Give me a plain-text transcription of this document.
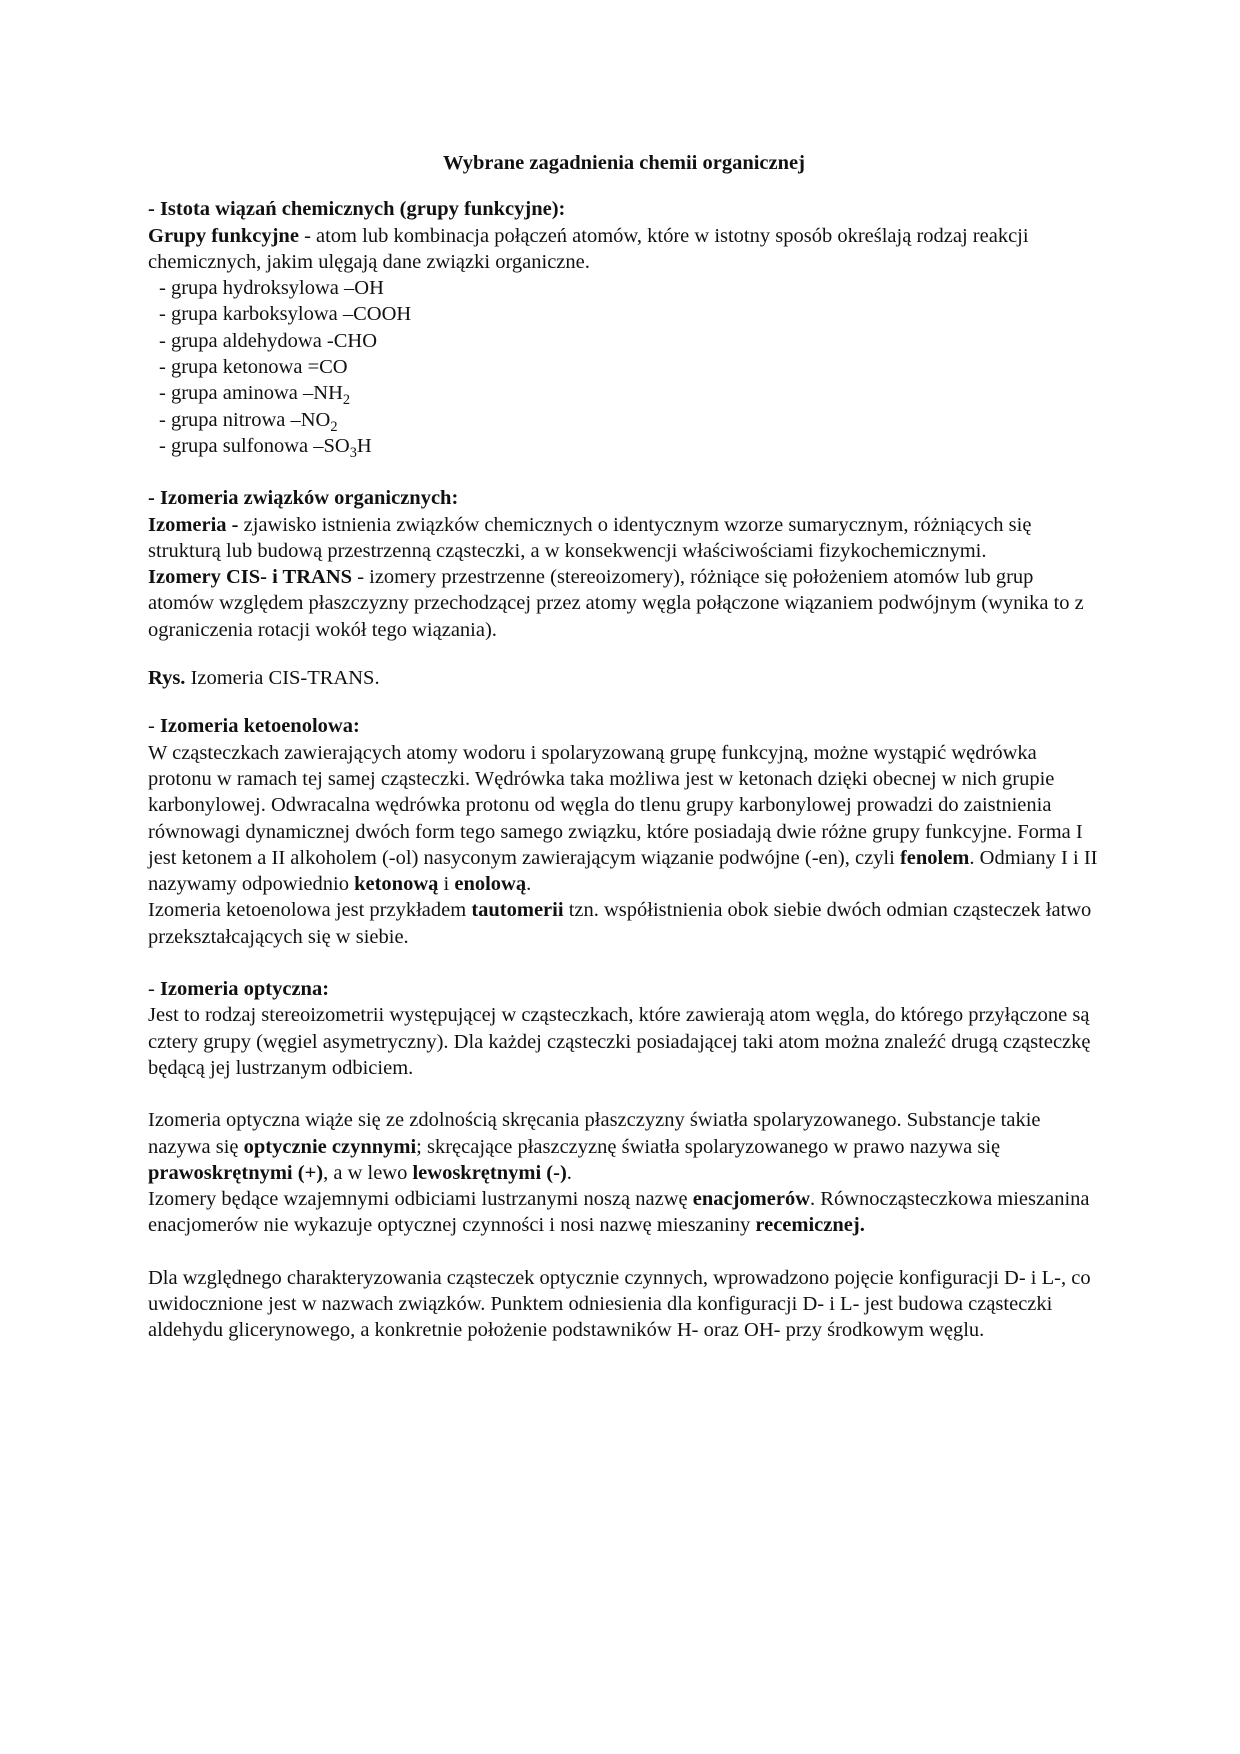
Wybrane zagadnienia chemii organicznej

- Istota wiązań chemicznych (grupy funkcyjne):

Grupy funkcyjne - atom lub kombinacja połączeń atomów, które w istotny sposób określają rodzaj reakcji chemicznych, jakim ulęgają dane związki organiczne.

- grupa hydroksylowa –OH
- grupa karboksylowa –COOH
- grupa aldehydowa -CHO
- grupa ketonowa =CO
- grupa aminowa $-NH_2$
- grupa nitrowa $-NO_2$
- grupa sulfonowa $-SO_3H$

- Izomeria związków organicznych:

Izomeria - zjawisko istnienia związków chemicznych o identycznym wzorze sumarycznym, różniących się strukturą lub budową przestrzenną cząsteczki, a w konsekwencji właściwościami fizykochemicznymi.

Izomery CIS- i TRANS - izomery przestrzenne (stereoizomery), różniące się położeniem atomów lub grup atomów względem płaszczyzny przechodzącej przez atomy węgla połączone wiązaniem podwójnym (wynika to z ograniczenia rotacji wokół tego wiązania).

Rys. Izomeria CIS-TRANS.

- Izomeria ketoenolowa:

W cząsteczkach zawierających atomy wodoru i spolaryzowaną grupę funkcyjną, możne wystąpić wędrówka protonu w ramach tej samej cząsteczki. Wędrówka taka możliwa jest w ketonach dzięki obecnej w nich grupie karbonylowej. Odwracalna wędrówka protonu od węgla do tlenu grupy karbonylowej prowadzi do zaistnienia równowagi dynamicznej dwóch form tego samego związku, które posiadają dwie różne grupy funkcyjne. Forma I jest ketonem a II alkoholem (-ol) nasyconym zawierającym wiązanie podwójne (-en), czyli fenolem. Odmiany I i II nazywamy odpowiednio ketonową i enolową.

Izomeria ketoenolowa jest przykładem tautomerii tzn. współistnienia obok siebie dwóch odmian cząsteczek łatwo przekształcających się w siebie.

- Izomeria optyczna:

Jest to rodzaj stereoizometrii występującej w cząsteczkach, które zawierają atom węgla, do którego przyłączone są cztery grupy (węgiel asymetryczny). Dla każdej cząsteczki posiadającej taki atom można znaleźć drugą cząsteczkę będącą jej lustrzanym odbiciem.

Izomeria optyczna wiąże się ze zdolnością skręcania płaszczyzny światła spolaryzowanego. Substancje takie nazywa się optycznie czynnymi; skręcające płaszczyznę światła spolaryzowanego w prawo nazywa się prawoskrętnymi (+), a w lewo lewoskrętnymi (-).

Izomery będące wzajemnymi odbiciami lustrzanymi noszą nazwę enacjomerów. Równocząsteczkowa mieszanina enacjomerów nie wykazuje optycznej czynności i nosi nazwę mieszaniny recemicznej.

Dla względnego charakteryzowania cząsteczek optycznie czynnych, wprowadzono pojęcie konfiguracji D- i L-, co uwidocznione jest w nazwach związków. Punktem odniesienia dla konfiguracji D- i L- jest budowa cząsteczki aldehydu glicerynowego, a konkretnie położenie podstawników H- oraz OH- przy środkowym węglu.
